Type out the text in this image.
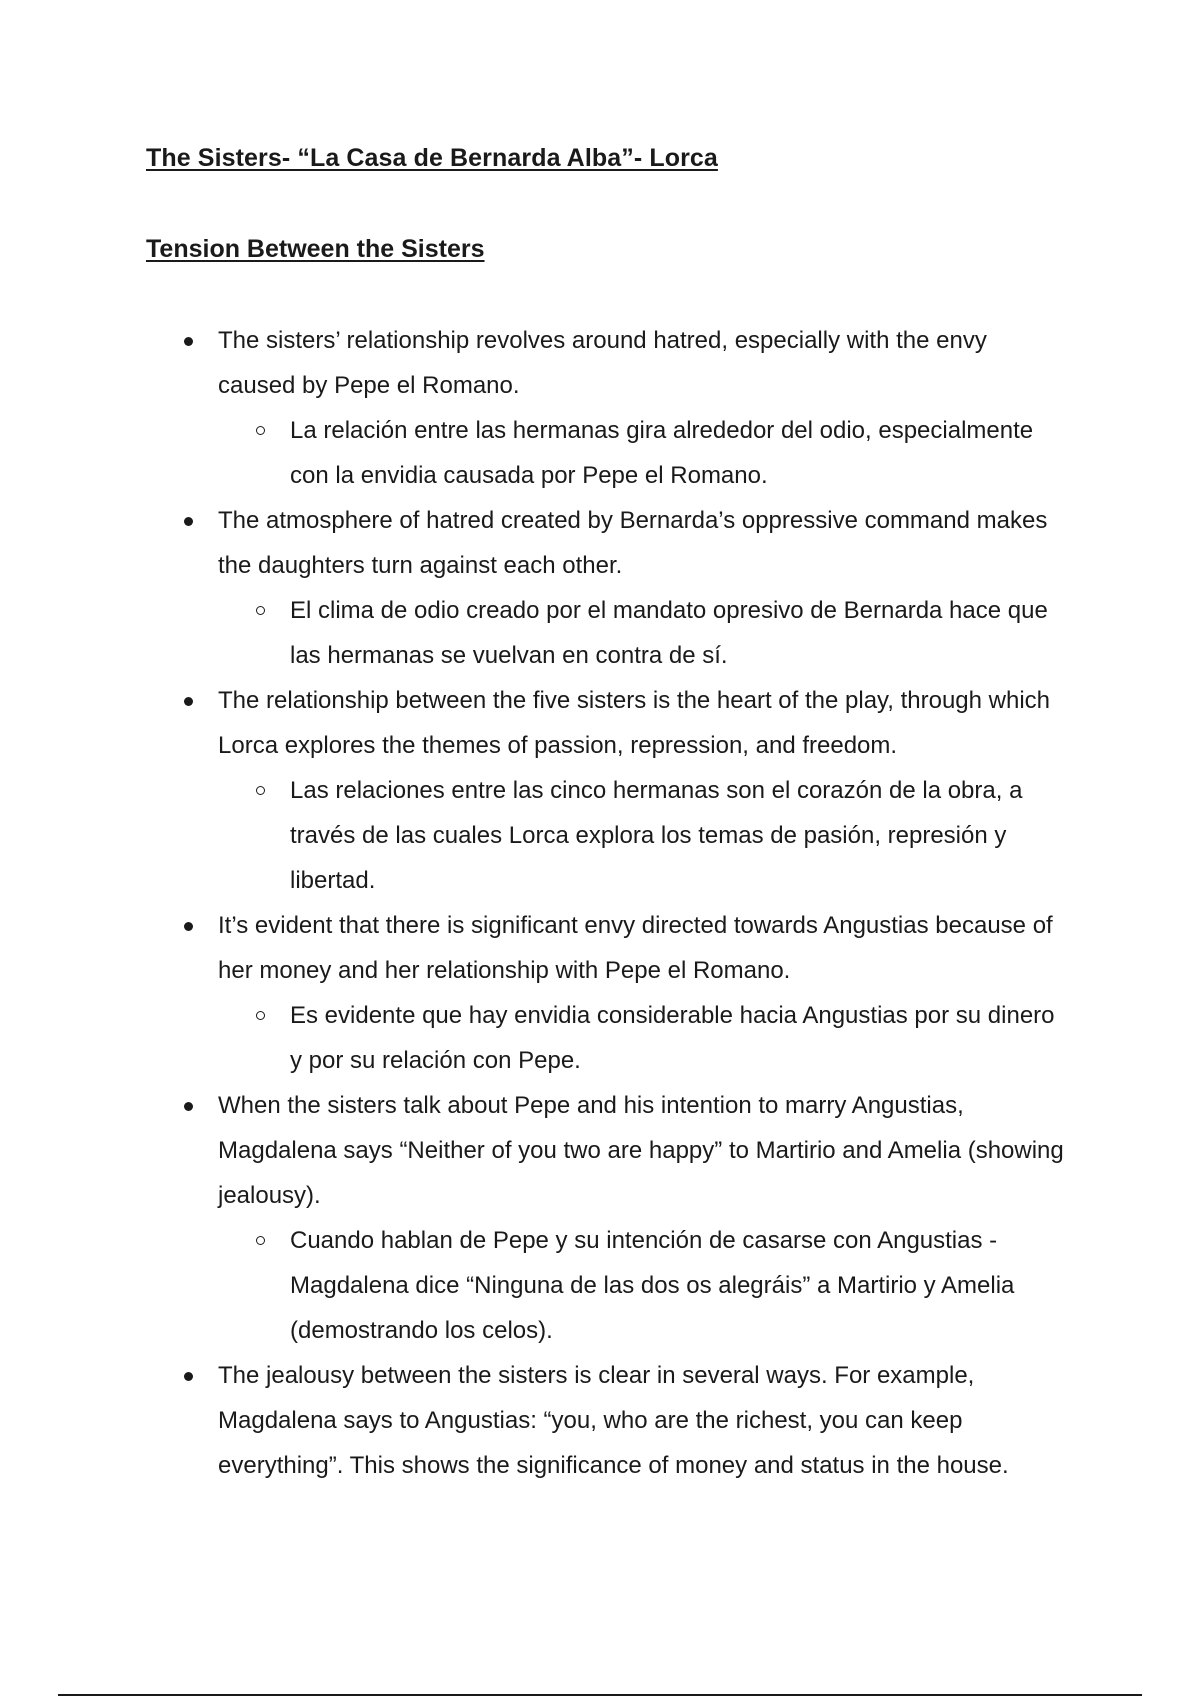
The Sisters- “La Casa de Bernarda Alba”- Lorca
Tension Between the Sisters
The sisters’ relationship revolves around hatred, especially with the envy caused by Pepe el Romano.
La relación entre las hermanas gira alrededor del odio, especialmente con la envidia causada por Pepe el Romano.
The atmosphere of hatred created by Bernarda’s oppressive command makes the daughters turn against each other.
El clima de odio creado por el mandato opresivo de Bernarda hace que las hermanas se vuelvan en contra de sí.
The relationship between the five sisters is the heart of the play, through which Lorca explores the themes of passion, repression, and freedom.
Las relaciones entre las cinco hermanas son el corazón de la obra, a través de las cuales Lorca explora los temas de pasión, represión y libertad.
It’s evident that there is significant envy directed towards Angustias because of her money and her relationship with Pepe el Romano.
Es evidente que hay envidia considerable hacia Angustias por su dinero y por su relación con Pepe.
When the sisters talk about Pepe and his intention to marry Angustias, Magdalena says “Neither of you two are happy” to Martirio and Amelia (showing jealousy).
Cuando hablan de Pepe y su intención de casarse con Angustias - Magdalena dice “Ninguna de las dos os alegráis” a Martirio y Amelia (demostrando los celos).
The jealousy between the sisters is clear in several ways. For example, Magdalena says to Angustias: “you, who are the richest, you can keep everything”. This shows the significance of money and status in the house.
